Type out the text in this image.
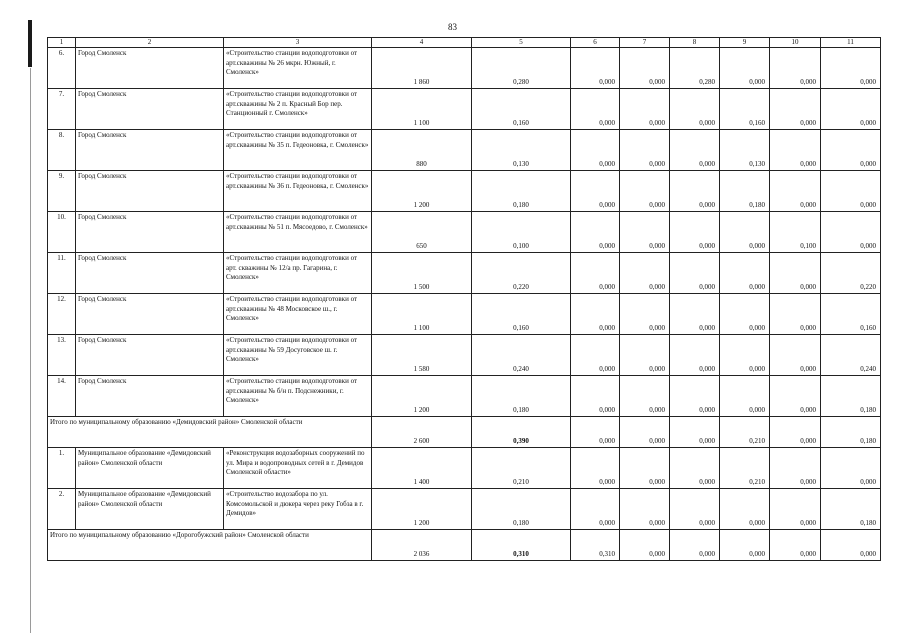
83
1	2	3	4	5	6	7	8	9	10	11
6.	Город Смоленск	«Строительство станции водоподготовки от арт.скважины № 26 мкрн. Южный, г. Смоленск»	1 860	0,280	0,000	0,000	0,280	0,000	0,000	0,000
7.	Город Смоленск	«Строительство станции водоподготовки от арт.скважины № 2 п. Красный Бор пер. Станционный г. Смоленск»	1 100	0,160	0,000	0,000	0,000	0,160	0,000	0,000
8.	Город Смоленск	«Строительство станции водоподготовки от арт.скважины № 35 п. Гедеоновка, г. Смоленск»	880	0,130	0,000	0,000	0,000	0,130	0,000	0,000
9.	Город Смоленск	«Строительство станции водоподготовки от арт.скважины № 36 п. Гедеоновка, г. Смоленск»	1 200	0,180	0,000	0,000	0,000	0,180	0,000	0,000
10.	Город Смоленск	«Строительство станции водоподготовки от арт.скважины № 51 п. Мясоедово, г. Смоленск»	650	0,100	0,000	0,000	0,000	0,000	0,100	0,000
11.	Город Смоленск	«Строительство станции водоподготовки от арт. скважины № 12/а пр. Гагарина, г. Смоленск»	1 500	0,220	0,000	0,000	0,000	0,000	0,000	0,220
12.	Город Смоленск	«Строительство станции водоподготовки от арт.скважины № 48 Московское ш., г. Смоленск»	1 100	0,160	0,000	0,000	0,000	0,000	0,000	0,160
13.	Город Смоленск	«Строительство станции водоподготовки от арт.скважины № 59 Досуговское ш. г. Смоленск»	1 580	0,240	0,000	0,000	0,000	0,000	0,000	0,240
14.	Город Смоленск	«Строительство станции водоподготовки от арт.скважины № б/н п. Подснежники, г. Смоленск»	1 200	0,180	0,000	0,000	0,000	0,000	0,000	0,180
Итого по муниципальному образованию «Демидовский район» Смоленской области			2 600	0,390	0,000	0,000	0,000	0,210	0,000	0,180
1.	Муниципальное образование «Демидовский район» Смоленской области	«Реконструкция водозаборных сооружений по ул. Мира и водопроводных сетей в г. Демидов Смоленской области»	1 400	0,210	0,000	0,000	0,000	0,210	0,000	0,000
2.	Муниципальное образование «Демидовский район» Смоленской области	«Строительство водозабора по ул. Комсомольской и дюкера через реку Гобза в г. Демидов»	1 200	0,180	0,000	0,000	0,000	0,000	0,000	0,180
Итого по муниципальному образованию «Дорогобужский район» Смоленской области			2 036	0,310	0,310	0,000	0,000	0,000	0,000	0,000
